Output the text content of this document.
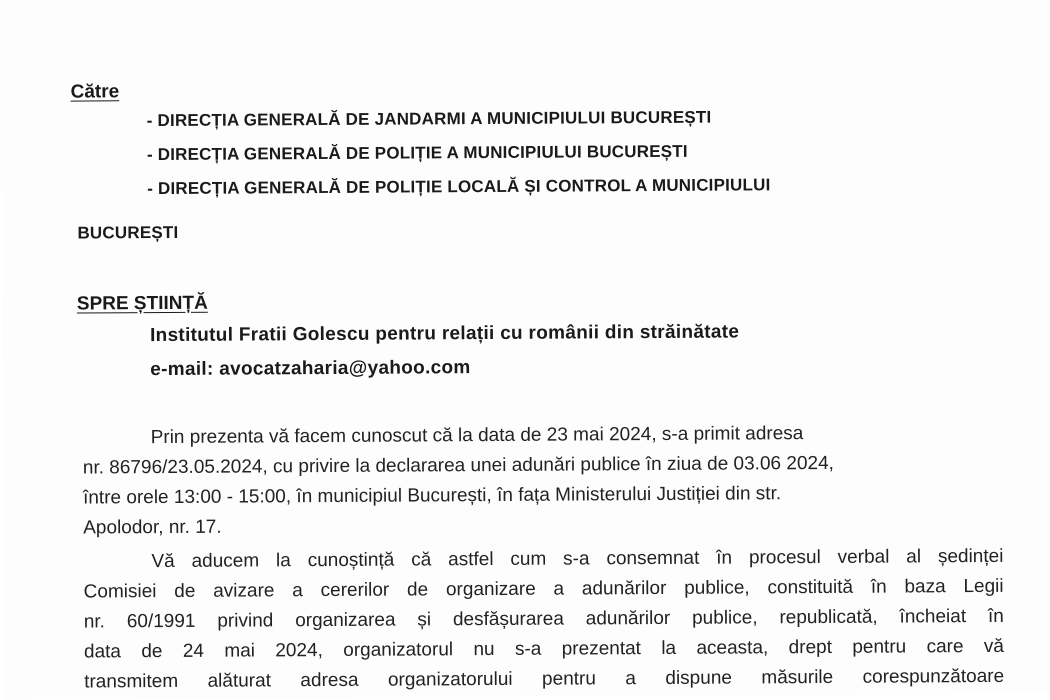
Către
- DIRECȚIA GENERALĂ DE JANDARMI A MUNICIPIULUI BUCUREȘTI
- DIRECȚIA GENERALĂ DE POLIȚIE A MUNICIPIULUI BUCUREȘTI
- DIRECȚIA GENERALĂ DE POLIȚIE LOCALĂ ȘI CONTROL A MUNICIPIULUI
BUCUREȘTI
SPRE ȘTIINȚĂ
Institutul Fratii Golescu pentru relații cu românii din străinătate
e-mail: avocatzaharia@yahoo.com
Prin prezenta vă facem cunoscut că la data de 23 mai 2024, s-a primit adresa
nr. 86796/23.05.2024, cu privire la declararea unei adunări publice în ziua de 03.06 2024,
între orele 13:00 - 15:00, în municipiul București, în fața Ministerului Justiției din str.
Apolodor, nr. 17.
Vă aducem la cunoștință că astfel cum s-a consemnat în procesul verbal al ședinței
Comisiei de avizare a cererilor de organizare a adunărilor publice, constituită în baza Legii
nr. 60/1991 privind organizarea și desfășurarea adunărilor publice, republicată, încheiat în
data de 24 mai 2024, organizatorul nu s-a prezentat la aceasta, drept pentru care vă
transmitem alăturat adresa organizatorului pentru a dispune măsurile corespunzătoare
